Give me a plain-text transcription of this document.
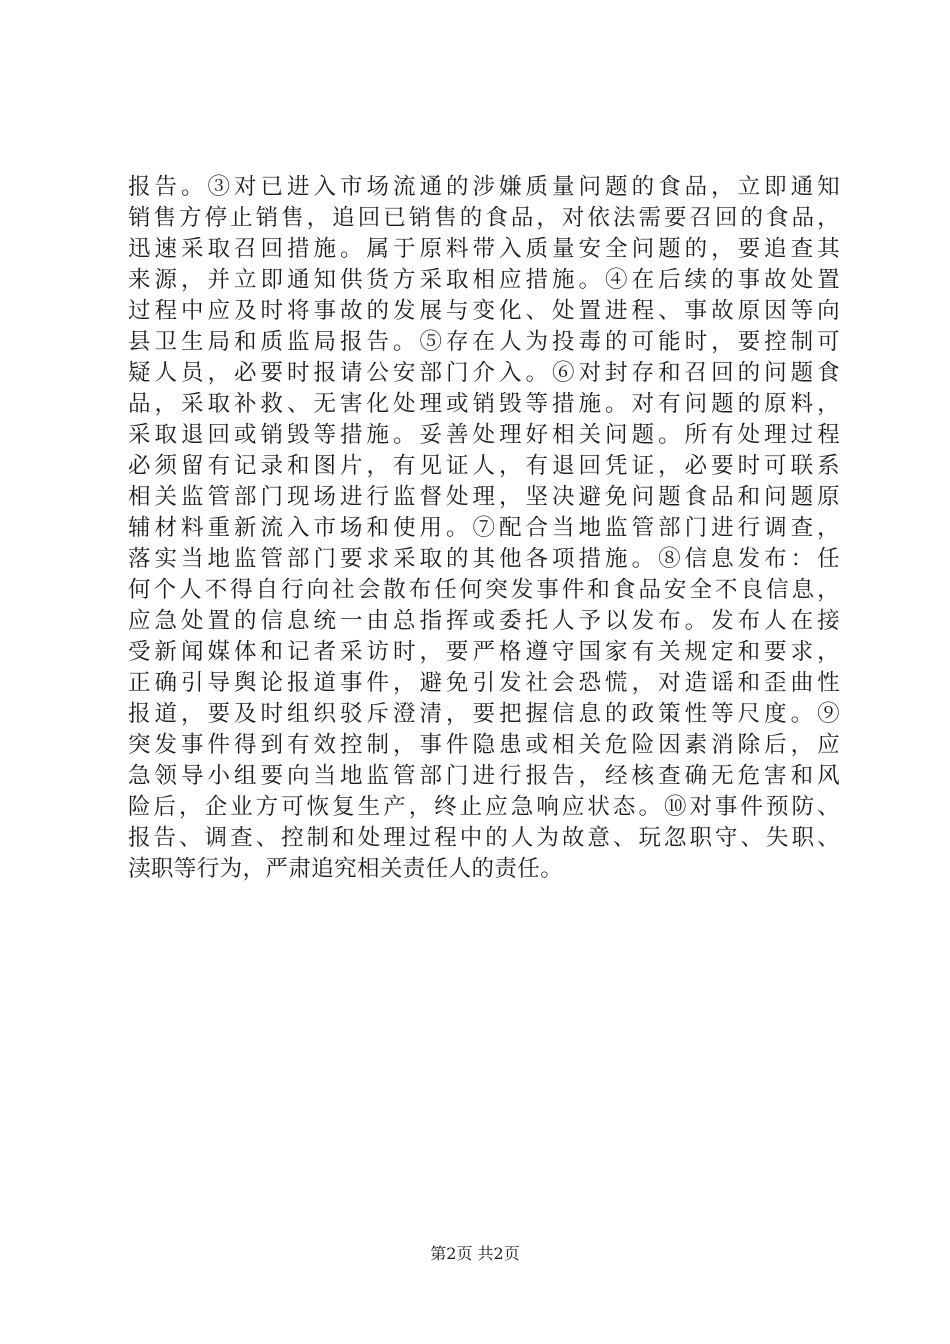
报告。③对已进入市场流通的涉嫌质量问题的食品，立即通知
销售方停止销售，追回已销售的食品，对依法需要召回的食品，
迅速采取召回措施。属于原料带入质量安全问题的，要追查其
来源，并立即通知供货方采取相应措施。④在后续的事故处置
过程中应及时将事故的发展与变化、处置进程、事故原因等向
县卫生局和质监局报告。⑤存在人为投毒的可能时，要控制可
疑人员，必要时报请公安部门介入。⑥对封存和召回的问题食
品，采取补救、无害化处理或销毁等措施。对有问题的原料，
采取退回或销毁等措施。妥善处理好相关问题。所有处理过程
必须留有记录和图片，有见证人，有退回凭证，必要时可联系
相关监管部门现场进行监督处理，坚决避免问题食品和问题原
辅材料重新流入市场和使用。⑦配合当地监管部门进行调查，
落实当地监管部门要求采取的其他各项措施。⑧信息发布：任
何个人不得自行向社会散布任何突发事件和食品安全不良信息，
应急处置的信息统一由总指挥或委托人予以发布。发布人在接
受新闻媒体和记者采访时，要严格遵守国家有关规定和要求，
正确引导舆论报道事件，避免引发社会恐慌，对造谣和歪曲性
报道，要及时组织驳斥澄清，要把握信息的政策性等尺度。⑨
突发事件得到有效控制，事件隐患或相关危险因素消除后，应
急领导小组要向当地监管部门进行报告，经核查确无危害和风
险后，企业方可恢复生产，终止应急响应状态。⑩对事件预防、
报告、调查、控制和处理过程中的人为故意、玩忽职守、失职、
渎职等行为，严肃追究相关责任人的责任。
第2页 共2页
